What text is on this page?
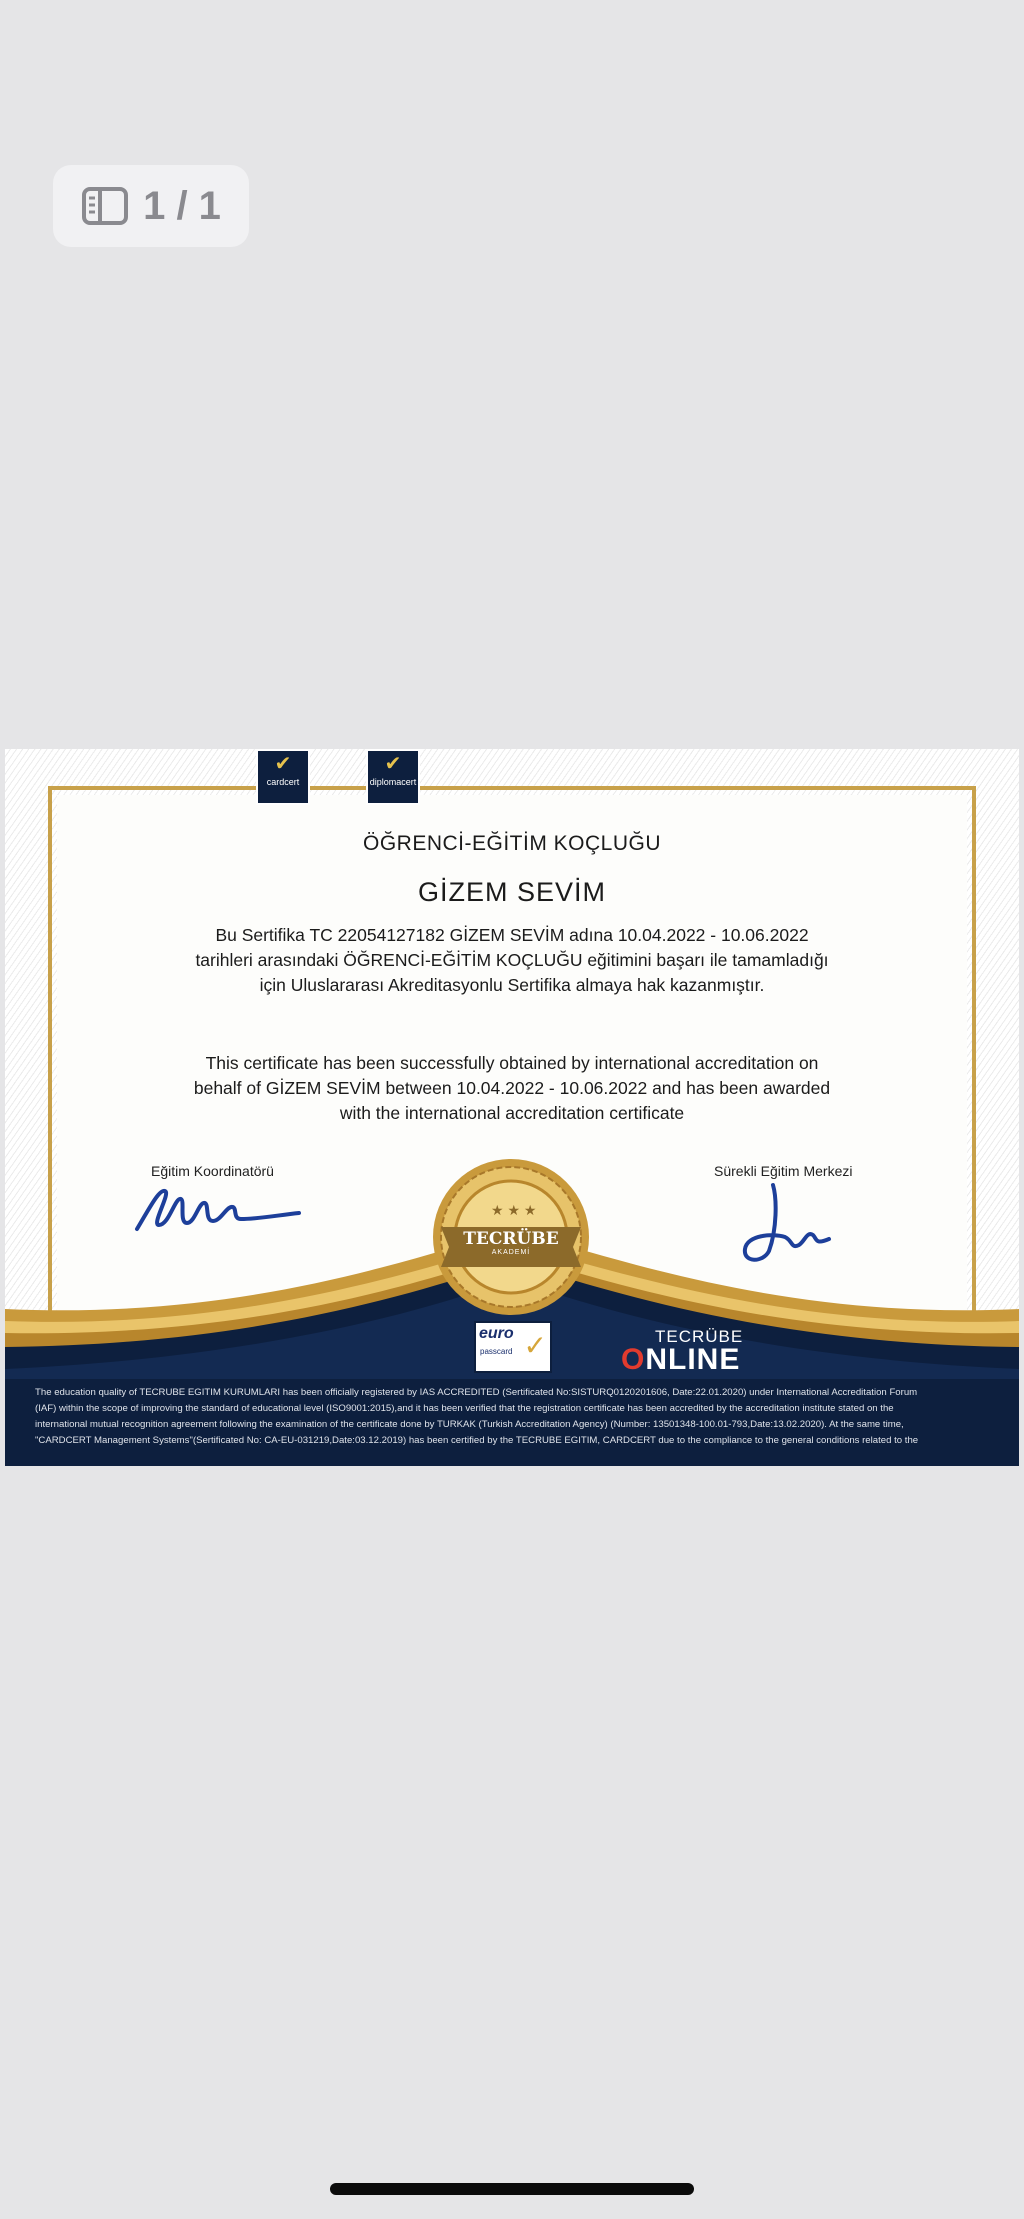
1 / 1
ÖĞRENCİ-EĞİTİM KOÇLUĞU
GİZEM SEVİM
Bu Sertifika TC 22054127182 GİZEM SEVİM adına 10.04.2022 - 10.06.2022
tarihleri arasındaki ÖĞRENCİ-EĞİTİM KOÇLUĞU eğitimini başarı ile tamamladığı
için Uluslararası Akreditasyonlu Sertifika almaya hak kazanmıştır.
This certificate has been successfully obtained by international accreditation on
behalf of GİZEM SEVİM between 10.04.2022 - 10.06.2022 and has been awarded
with the international accreditation certificate
Eğitim Koordinatörü	Sürekli Eğitim Merkezi
★ ★ ★
TECRÜBE
AKADEMİ
✔
cardcert
✔
diplomacert
euro
passcard ✓	TECRÜBE
ONLINE
The education quality of TECRUBE EGITIM KURUMLARI has been officially registered by IAS ACCREDITED (Sertificated No:SISTURQ0120201606, Date:22.01.2020) under International Accreditation Forum
(IAF) within the scope of improving the standard of educational level (ISO9001:2015),and it has been verified that the registration certificate has been accredited by the accreditation institute stated on the
international mutual recognition agreement following the examination of the certificate done by TURKAK (Turkish Accreditation Agency) (Number: 13501348-100.01-793,Date:13.02.2020). At the same time,
"CARDCERT Management Systems"(Sertificated No: CA-EU-031219,Date:03.12.2019) has been certified by the TECRUBE EGITIM, CARDCERT due to the compliance to the general conditions related to the
